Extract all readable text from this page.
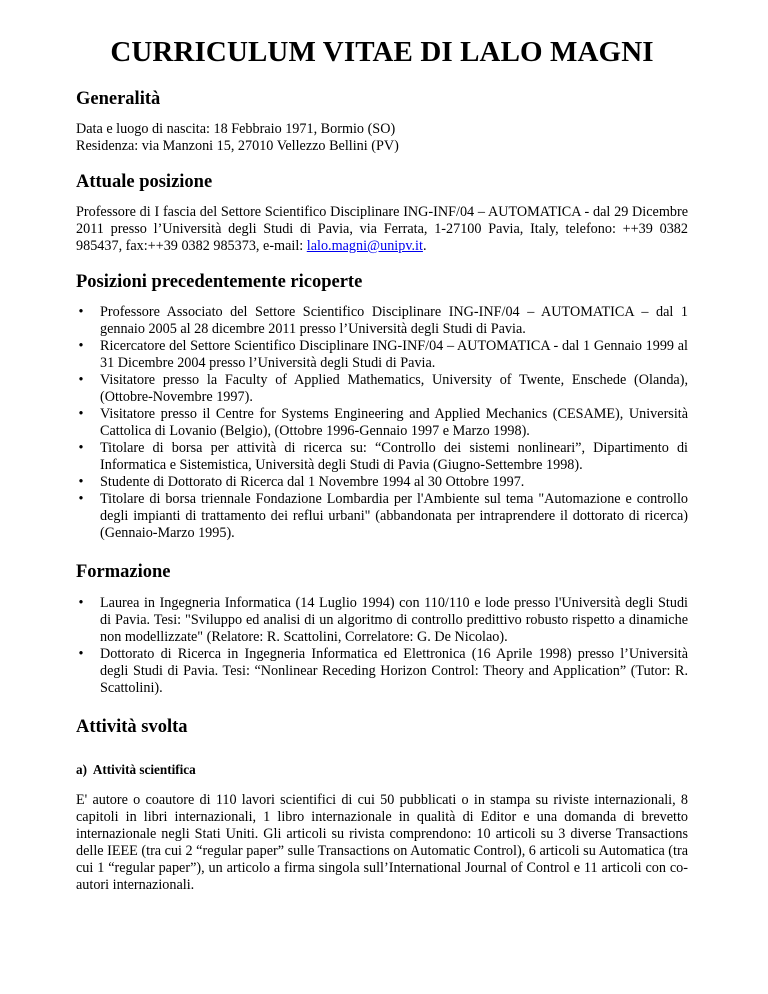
CURRICULUM VITAE DI LALO MAGNI
Generalità

Data e luogo di nascita: 18 Febbraio 1971, Bormio (SO)

Residenza: via Manzoni 15, 27010 Vellezzo Bellini (PV)

Attuale posizione

Professore di I fascia del Settore Scientifico Disciplinare ING-INF/04 – AUTOMATICA - dal 29 Dicembre 2011 presso l’Università degli Studi di Pavia, via Ferrata, 1-27100 Pavia, Italy, telefono: ++39 0382 985437, fax:++39 0382 985373, e-mail: lalo.magni@unipv.it.

Posizioni precedentemente ricoperte
• Professore Associato del Settore Scientifico Disciplinare ING-INF/04 – AUTOMATICA – dal 1 gennaio 2005 al 28 dicembre 2011 presso l’Università degli Studi di Pavia.
• Ricercatore del Settore Scientifico Disciplinare ING-INF/04 – AUTOMATICA - dal 1 Gennaio 1999 al 31 Dicembre 2004 presso l’Università degli Studi di Pavia.
• Visitatore presso la Faculty of Applied Mathematics, University of Twente, Enschede (Olanda), (Ottobre-Novembre 1997).
• Visitatore presso il Centre for Systems Engineering and Applied Mechanics (CESAME), Università Cattolica di Lovanio (Belgio), (Ottobre 1996-Gennaio 1997 e Marzo 1998).
• Titolare di borsa per attività di ricerca su: “Controllo dei sistemi nonlineari”, Dipartimento di Informatica e Sistemistica, Università degli Studi di Pavia (Giugno-Settembre 1998).
• Studente di Dottorato di Ricerca dal 1 Novembre 1994 al 30 Ottobre 1997.
• Titolare di borsa triennale Fondazione Lombardia per l'Ambiente sul tema "Automazione e controllo degli impianti di trattamento dei reflui urbani" (abbandonata per intraprendere il dottorato di ricerca) (Gennaio-Marzo 1995).
Formazione
• Laurea in Ingegneria Informatica (14 Luglio 1994) con 110/110 e lode presso l'Università degli Studi di Pavia. Tesi: "Sviluppo ed analisi di un algoritmo di controllo predittivo robusto rispetto a dinamiche non modellizzate" (Relatore: R. Scattolini, Correlatore: G. De Nicolao).
• Dottorato di Ricerca in Ingegneria Informatica ed Elettronica (16 Aprile 1998) presso l’Università degli Studi di Pavia. Tesi: “Nonlinear Receding Horizon Control: Theory and Application” (Tutor: R. Scattolini).
Attività svolta
a)  Attività scientifica

E' autore o coautore di 110 lavori scientifici di cui 50 pubblicati o in stampa su riviste internazionali, 8 capitoli in libri internazionali, 1 libro internazionale in qualità di Editor e una domanda di brevetto internazionale negli Stati Uniti. Gli articoli su rivista comprendono: 10 articoli su 3 diverse Transactions delle IEEE (tra cui 2 “regular paper” sulle Transactions on Automatic Control), 6 articoli su Automatica (tra cui 1 “regular paper”), un articolo a firma singola sull’International Journal of Control e 11 articoli con co-autori internazionali.
